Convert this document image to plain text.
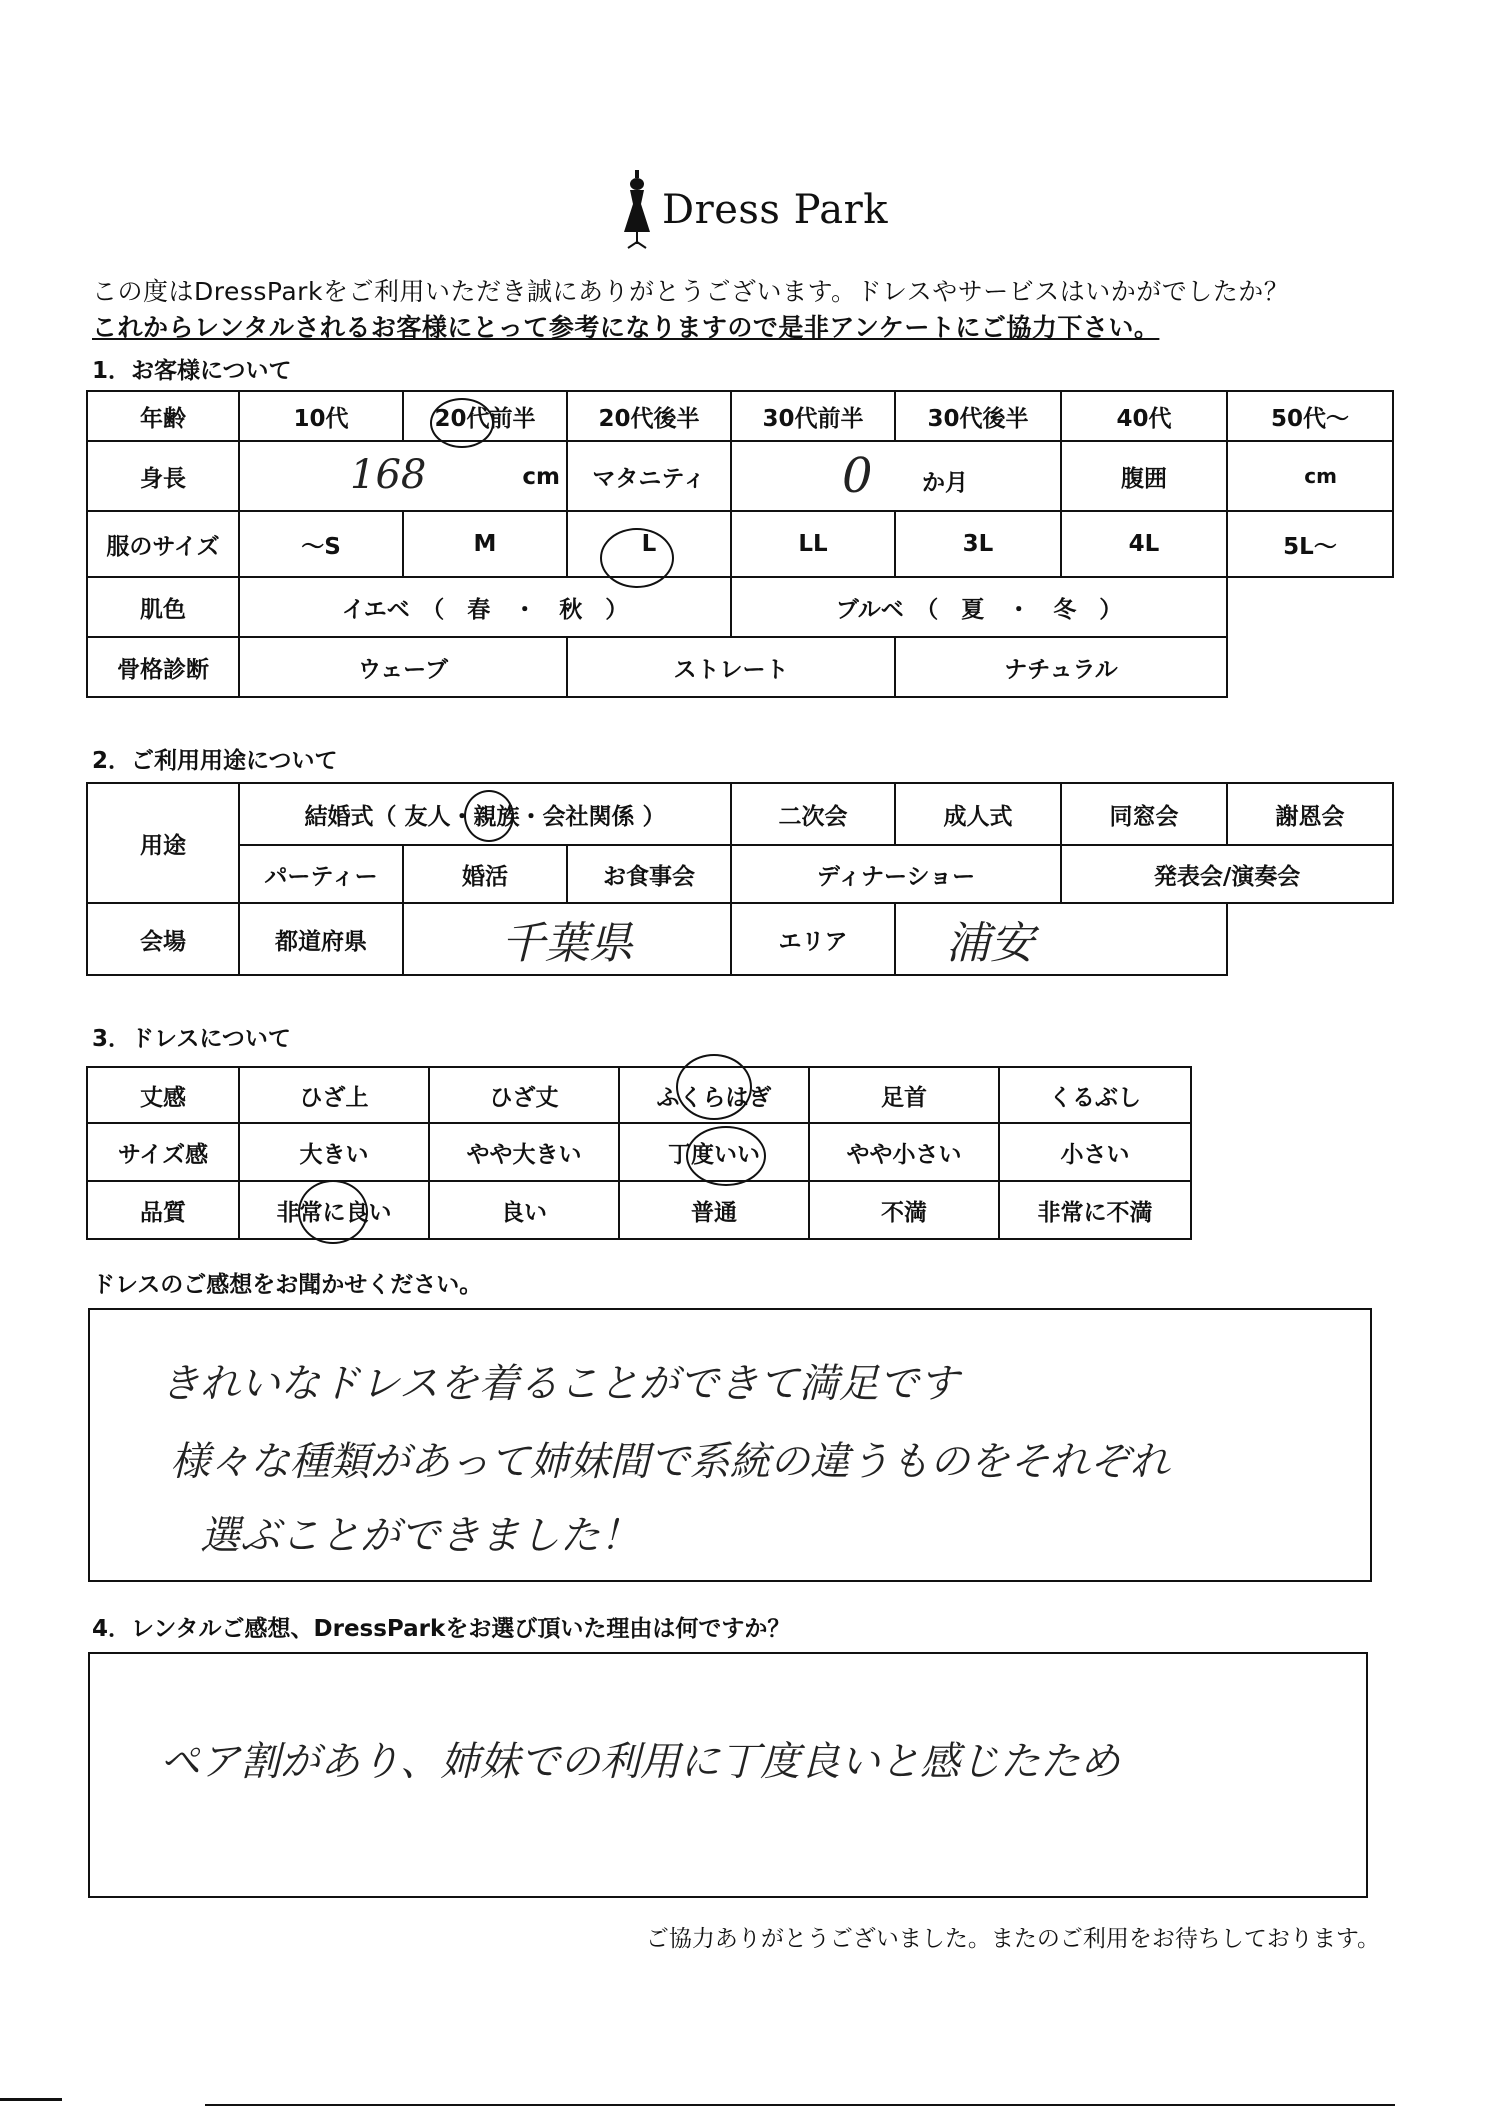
Dress Park
この度はDressParkをご利用いただき誠にありがとうございます。ドレスやサービスはいかがでしたか？
これからレンタルされるお客様にとって参考になりますので是非アンケートにご協力下さい。
1．お客様について
年齢	10代	20代前半	20代後半	30代前半	30代後半	40代	50代～
身長	168 cm		マタニティ	0 か月		腹囲	cm
服のサイズ	～S	M	L	LL	3L	4L	5L～
肌色	イエベ　（　春　・　秋　）			ブルベ　（　夏　・　冬　）			
骨格診断	ウェーブ		ストレート		ナチュラル		
2．ご利用用途について
用途	結婚式（ 友人・親族・会社関係 ）			二次会	成人式	同窓会	謝恩会	
	パーティー	婚活	お食事会	ディナーショー		発表会/演奏会		
会場	都道府県	千葉県		エリア	浦安			
3．ドレスについて
丈感	ひざ上	ひざ丈	ふくらはぎ	足首	くるぶし
サイズ感	大きい	やや大きい	丁度いい	やや小さい	小さい
品質	非常に良い	良い	普通	不満	非常に不満
ドレスのご感想をお聞かせください。
きれいなドレスを着ることができて満足です
様々な種類があって姉妹間で系統の違うものをそれぞれ
選ぶことができました！
4．レンタルご感想、DressParkをお選び頂いた理由は何ですか？
ペア割があり、姉妹での利用に丁度良いと感じたため
ご協力ありがとうございました。またのご利用をお待ちしております。
